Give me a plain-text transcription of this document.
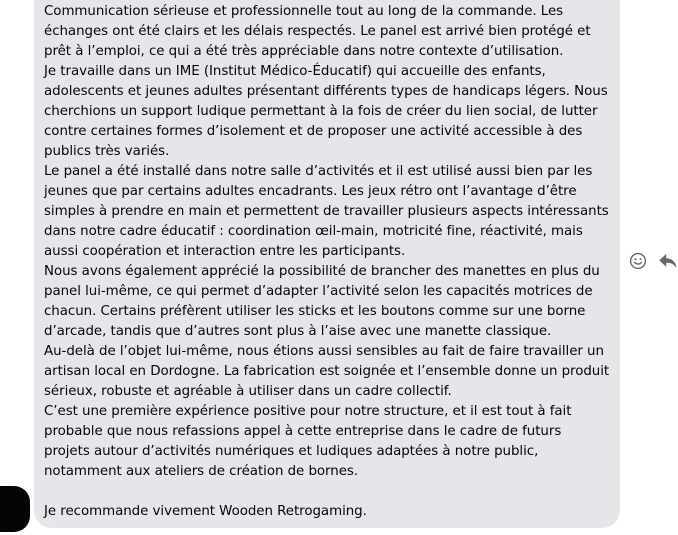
Communication sérieuse et professionnelle tout au long de la commande. Les échanges ont été clairs et les délais respectés. Le panel est arrivé bien protégé et prêt à l’emploi, ce qui a été très appréciable dans notre contexte d’utilisation.

Je travaille dans un IME (Institut Médico-Éducatif) qui accueille des enfants, adolescents et jeunes adultes présentant différents types de handicaps légers. Nous cherchions un support ludique permettant à la fois de créer du lien social, de lutter contre certaines formes d’isolement et de proposer une activité accessible à des publics très variés.

Le panel a été installé dans notre salle d’activités et il est utilisé aussi bien par les jeunes que par certains adultes encadrants. Les jeux rétro ont l’avantage d’être simples à prendre en main et permettent de travailler plusieurs aspects intéressants dans notre cadre éducatif : coordination œil-main, motricité fine, réactivité, mais aussi coopération et interaction entre les participants.

Nous avons également apprécié la possibilité de brancher des manettes en plus du panel lui-même, ce qui permet d’adapter l’activité selon les capacités motrices de chacun. Certains préfèrent utiliser les sticks et les boutons comme sur une borne d’arcade, tandis que d’autres sont plus à l’aise avec une manette classique.

Au-delà de l’objet lui-même, nous étions aussi sensibles au fait de faire travailler un artisan local en Dordogne. La fabrication est soignée et l’ensemble donne un produit sérieux, robuste et agréable à utiliser dans un cadre collectif.

C’est une première expérience positive pour notre structure, et il est tout à fait probable que nous refassions appel à cette entreprise dans le cadre de futurs projets autour d’activités numériques et ludiques adaptées à notre public, notamment aux ateliers de création de bornes.

Je recommande vivement Wooden Retrogaming.
